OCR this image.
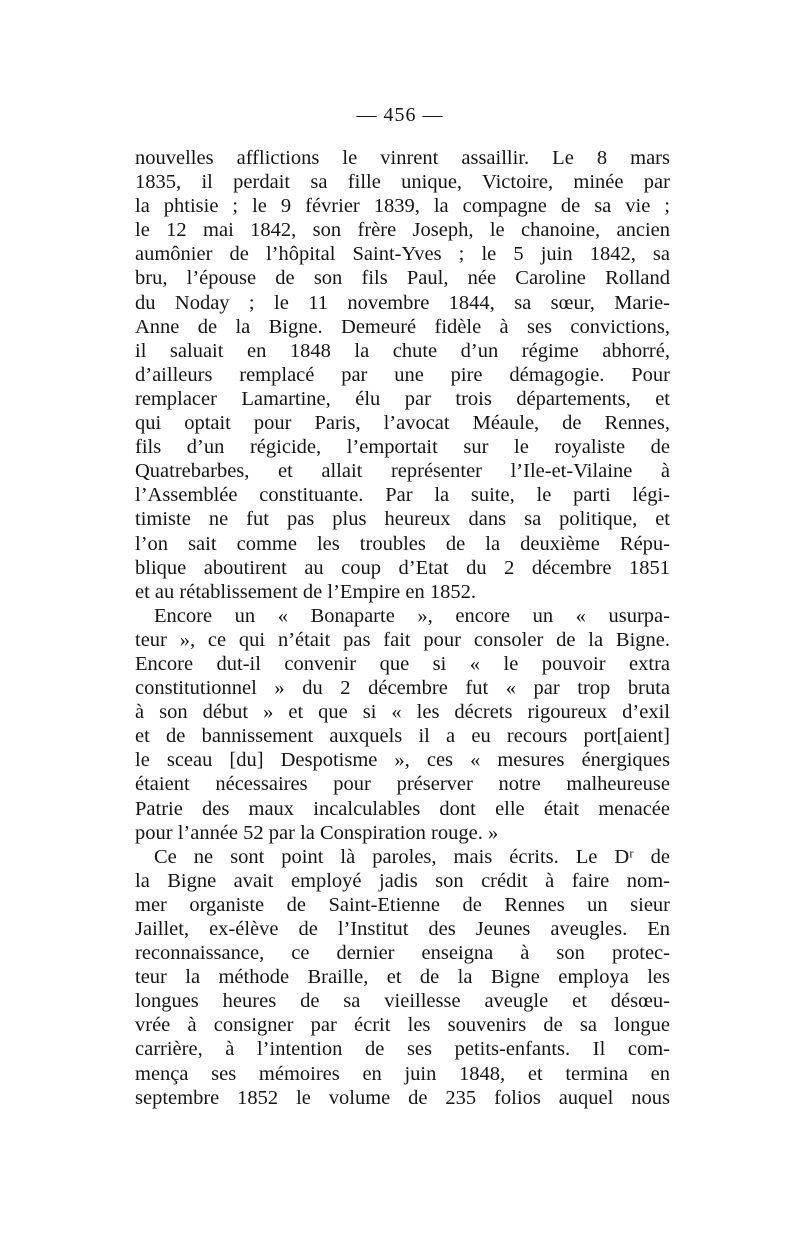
— 456 —
nouvelles afflictions le vinrent assaillir. Le 8 mars
1835, il perdait sa fille unique, Victoire, minée par
la phtisie ; le 9 février 1839, la compagne de sa vie ;
le 12 mai 1842, son frère Joseph, le chanoine, ancien
aumônier de l’hôpital Saint-Yves ; le 5 juin 1842, sa
bru, l’épouse de son fils Paul, née Caroline Rolland
du Noday ; le 11 novembre 1844, sa sœur, Marie-
Anne de la Bigne. Demeuré fidèle à ses convictions,
il saluait en 1848 la chute d’un régime abhorré,
d’ailleurs remplacé par une pire démagogie. Pour
remplacer Lamartine, élu par trois départements, et
qui optait pour Paris, l’avocat Méaule, de Rennes,
fils d’un régicide, l’emportait sur le royaliste de
Quatrebarbes, et allait représenter l’Ile-et-Vilaine à
l’Assemblée constituante. Par la suite, le parti légi-
timiste ne fut pas plus heureux dans sa politique, et
l’on sait comme les troubles de la deuxième Répu-
blique aboutirent au coup d’Etat du 2 décembre 1851
et au rétablissement de l’Empire en 1852.
Encore un « Bonaparte », encore un « usurpa-
teur », ce qui n’était pas fait pour consoler de la Bigne.
Encore dut-il convenir que si « le pouvoir extra
constitutionnel » du 2 décembre fut « par trop bruta
à son début » et que si « les décrets rigoureux d’exil
et de bannissement auxquels il a eu recours port[aient]
le sceau [du] Despotisme », ces « mesures énergiques
étaient nécessaires pour préserver notre malheureuse
Patrie des maux incalculables dont elle était menacée
pour l’année 52 par la Conspiration rouge. »
Ce ne sont point là paroles, mais écrits. Le Dʳ de
la Bigne avait employé jadis son crédit à faire nom-
mer organiste de Saint-Etienne de Rennes un sieur
Jaillet, ex-élève de l’Institut des Jeunes aveugles. En
reconnaissance, ce dernier enseigna à son protec-
teur la méthode Braille, et de la Bigne employa les
longues heures de sa vieillesse aveugle et désœu-
vrée à consigner par écrit les souvenirs de sa longue
carrière, à l’intention de ses petits-enfants. Il com-
mença ses mémoires en juin 1848, et termina en
septembre 1852 le volume de 235 folios auquel nous
